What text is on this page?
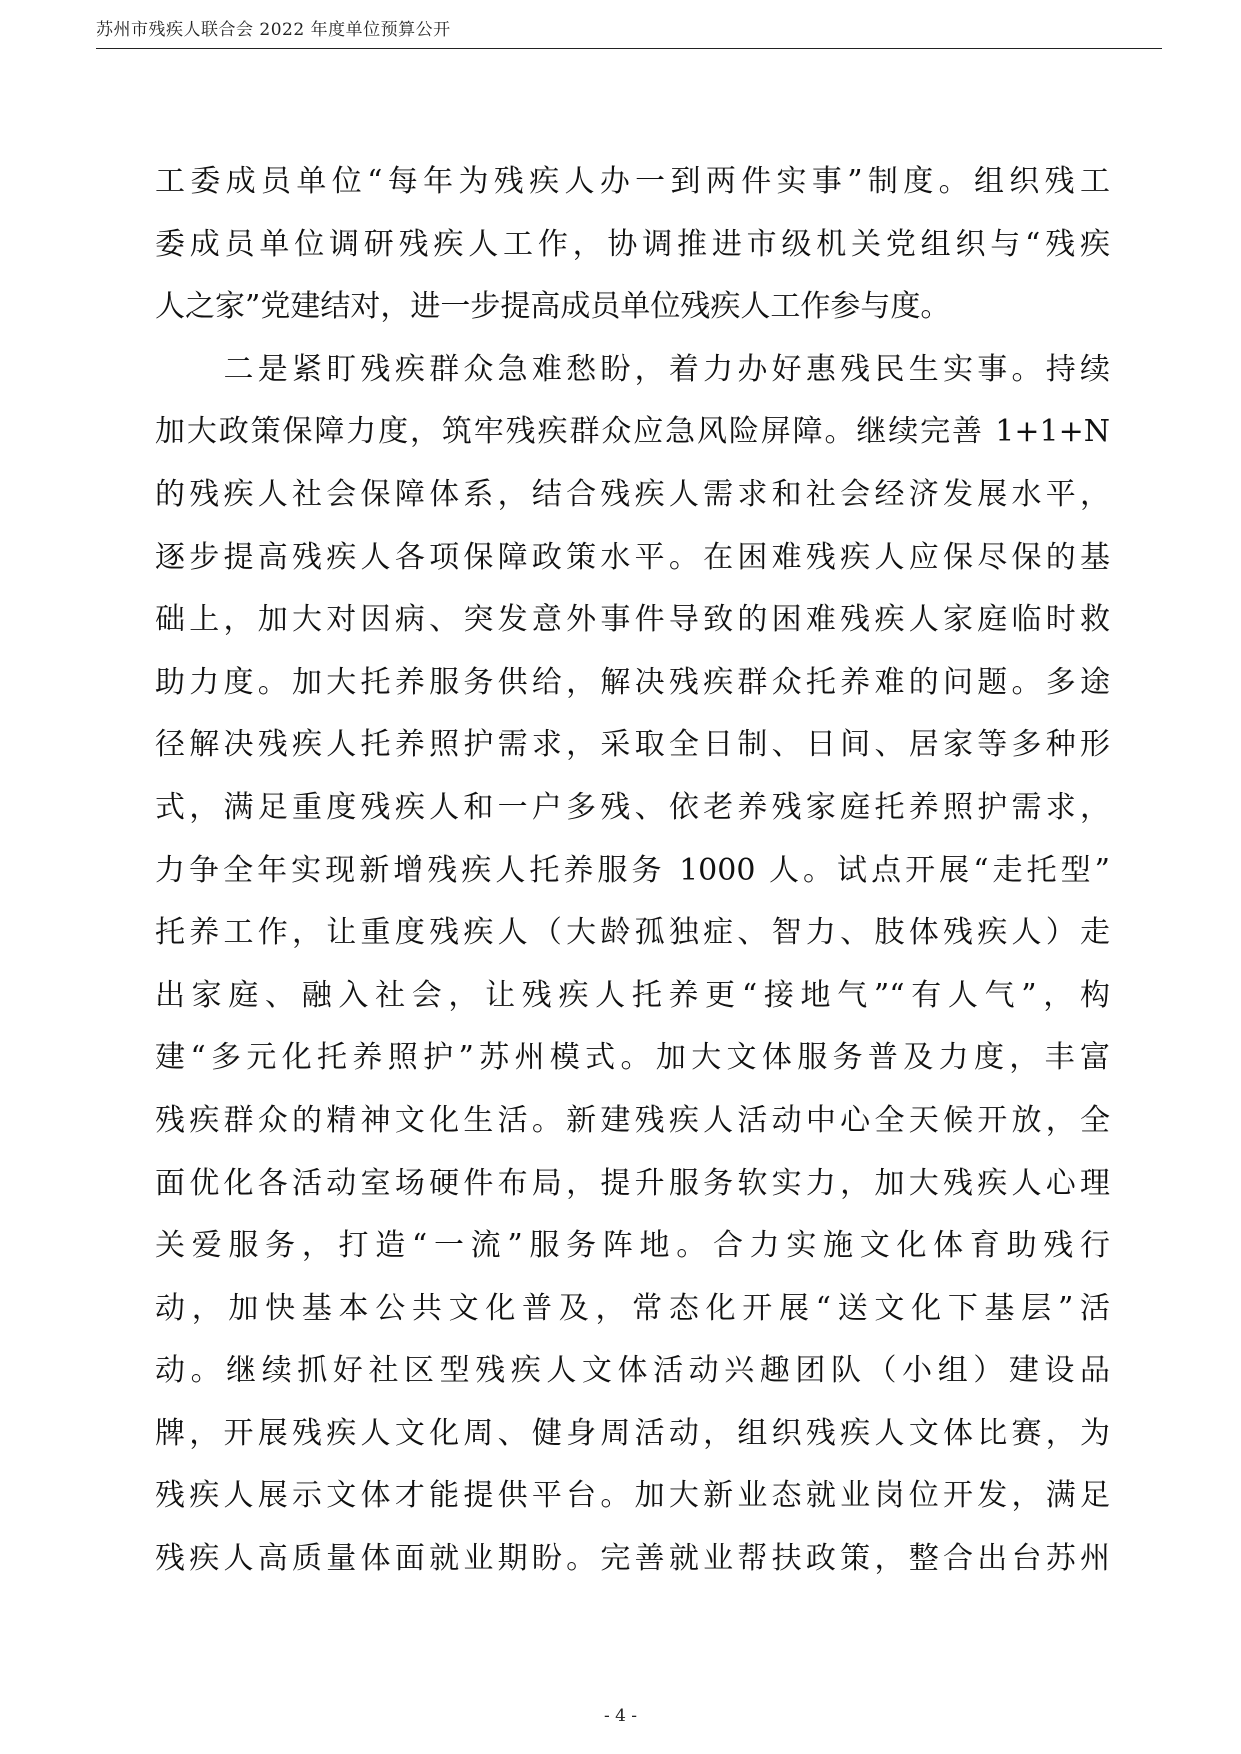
苏州市残疾人联合会 2022 年度单位预算公开
工委成员单位“每年为残疾人办一到两件实事”制度。组织残工
委成员单位调研残疾人工作，协调推进市级机关党组织与“残疾
人之家”党建结对，进一步提高成员单位残疾人工作参与度。
　　二是紧盯残疾群众急难愁盼，着力办好惠残民生实事。持续
加大政策保障力度，筑牢残疾群众应急风险屏障。继续完善 1+1+N
的残疾人社会保障体系，结合残疾人需求和社会经济发展水平，
逐步提高残疾人各项保障政策水平。在困难残疾人应保尽保的基
础上，加大对因病、突发意外事件导致的困难残疾人家庭临时救
助力度。加大托养服务供给，解决残疾群众托养难的问题。多途
径解决残疾人托养照护需求，采取全日制、日间、居家等多种形
式，满足重度残疾人和一户多残、依老养残家庭托养照护需求，
力争全年实现新增残疾人托养服务 1000 人。试点开展“走托型”
托养工作，让重度残疾人（大龄孤独症、智力、肢体残疾人）走
出家庭、融入社会，让残疾人托养更“接地气”“有人气”，构
建“多元化托养照护”苏州模式。加大文体服务普及力度，丰富
残疾群众的精神文化生活。新建残疾人活动中心全天候开放，全
面优化各活动室场硬件布局，提升服务软实力，加大残疾人心理
关爱服务，打造“一流”服务阵地。合力实施文化体育助残行
动，加快基本公共文化普及，常态化开展“送文化下基层”活
动。继续抓好社区型残疾人文体活动兴趣团队（小组）建设品
牌，开展残疾人文化周、健身周活动，组织残疾人文体比赛，为
残疾人展示文体才能提供平台。加大新业态就业岗位开发，满足
残疾人高质量体面就业期盼。完善就业帮扶政策，整合出台苏州
- 4 -
